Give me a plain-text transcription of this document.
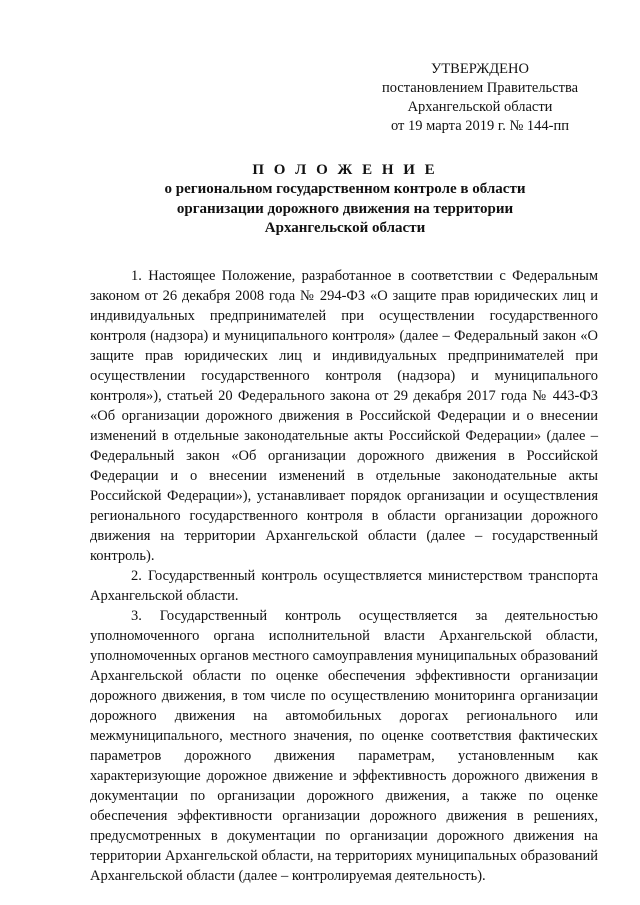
УТВЕРЖДЕНО
постановлением Правительства
Архангельской области
от 19 марта 2019 г. № 144-пп
П О Л О Ж Е Н И Е
о региональном государственном контроле в области
организации дорожного движения на территории
Архангельской области

1. Настоящее Положение, разработанное в соответствии с Федеральным законом от 26 декабря 2008 года № 294-ФЗ «О защите прав юридических лиц и индивидуальных предпринимателей при осуществлении государственного контроля (надзора) и муниципального контроля» (далее – Федеральный закон «О защите прав юридических лиц и индивидуальных предпринимателей при осуществлении государственного контроля (надзора) и муниципального контроля»), статьей 20 Федерального закона от 29 декабря 2017 года № 443-ФЗ «Об организации дорожного движения в Российской Федерации и о внесении изменений в отдельные законодательные акты Российской Федерации» (далее – Федеральный закон «Об организации дорожного движения в Российской Федерации и о внесении изменений в отдельные законодательные акты Российской Федерации»), устанавливает порядок организации и осуществления регионального государственного контроля в области организации дорожного движения на территории Архангельской области (далее – государственный контроль).

2. Государственный контроль осуществляется министерством транспорта Архангельской области.

3. Государственный контроль осуществляется за деятельностью уполномоченного органа исполнительной власти Архангельской области, уполномоченных органов местного самоуправления муниципальных образований Архангельской области по оценке обеспечения эффективности организации дорожного движения, в том числе по осуществлению мониторинга организации дорожного движения на автомобильных дорогах регионального или межмуниципального, местного значения, по оценке соответствия фактических параметров дорожного движения параметрам, установленным как характеризующие дорожное движение и эффективность дорожного движения в документации по организации дорожного движения, а также по оценке обеспечения эффективности организации дорожного движения в решениях, предусмотренных в документации по организации дорожного движения на территории Архангельской области, на территориях муниципальных образований Архангельской области (далее – контролируемая деятельность).
